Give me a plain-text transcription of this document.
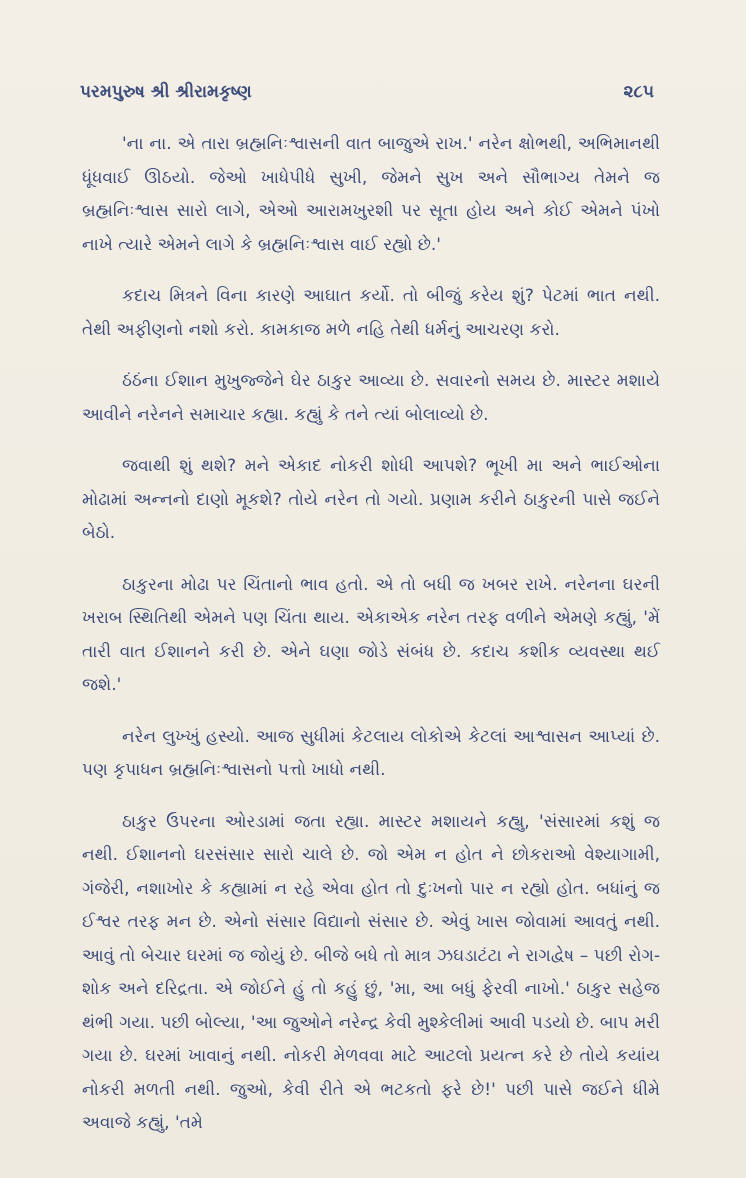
પરમપુરુષ શ્રી શ્રીરામકૃષ્ણ	૨૮૫

'ના ના. એ તારા બ્રહ્મનિઃશ્વાસની વાત બાજુએ રાખ.' નરેન ક્ષોભથી, અભિમાનથી ધૂંધવાઈ ઊઠયો. જેઓ ખાધેપીધે સુખી, જેમને સુખ અને સૌભાગ્ય તેમને જ બ્રહ્મનિઃશ્વાસ સારો લાગે, એઓ આરામખુરશી પર સૂતા હોય અને કોઈ એમને પંખો નાખે ત્યારે એમને લાગે કે બ્રહ્મનિઃશ્વાસ વાઈ રહ્યો છે.'

કદાચ મિત્રને વિના કારણે આઘાત કર્યો. તો બીજું કરેય શું? પેટમાં ભાત નથી. તેથી અફીણનો નશો કરો. કામકાજ મળે નહિ તેથી ધર્મનું આચરણ કરો.

ઠંઠંના ઈશાન મુખુજ્જેને ઘેર ઠાકુર આવ્યા છે. સવારનો સમય છે. માસ્ટર મશાયે આવીને નરેનને સમાચાર કહ્યા. કહ્યું કે તને ત્યાં બોલાવ્યો છે.

જવાથી શું થશે? મને એકાદ નોકરી શોધી આપશે? ભૂખી મા અને ભાઈઓના મોઢામાં અન્નનો દાણો મૂકશે? તોયે નરેન તો ગયો. પ્રણામ કરીને ઠાકુરની પાસે જઈને બેઠો.

ઠાકુરના મોઢા પર ચિંતાનો ભાવ હતો. એ તો બધી જ ખબર રાખે. નરેનના ઘરની ખરાબ સ્થિતિથી એમને પણ ચિંતા થાય. એકાએક નરેન તરફ વળીને એમણે કહ્યું, 'મેં તારી વાત ઈશાનને કરી છે. એને ઘણા જોડે સંબંધ છે. કદાચ કશીક વ્યવસ્થા થઈ જશે.'

નરેન લુખ્ખું હસ્યો. આજ સુધીમાં કેટલાય લોકોએ કેટલાં આશ્વાસન આપ્યાં છે. પણ કૃપાધન બ્રહ્મનિઃશ્વાસનો પત્તો ખાધો નથી.

ઠાકુર ઉપરના ઓરડામાં જતા રહ્યા. માસ્ટર મશાયને કહ્યુ, 'સંસારમાં કશું જ નથી. ઈશાનનો ઘરસંસાર સારો ચાલે છે. જો એમ ન હોત ને છોકરાઓ વેશ્યાગામી, ગંજેરી, નશાખોર કે કહ્યામાં ન રહે એવા હોત તો દુઃખનો પાર ન રહ્યો હોત. બધાંનું જ ઈશ્વર તરફ મન છે. એનો સંસાર વિદ્યાનો સંસાર છે. એવું ખાસ જોવામાં આવતું નથી. આવું તો બેચાર ઘરમાં જ જોયું છે. બીજે બધે તો માત્ર ઝઘડાટંટા ને રાગદ્વેષ – પછી રોગ-શોક અને દરિદ્રતા. એ જોઈને હું તો કહું છું, 'મા, આ બધું ફેરવી નાખો.' ઠાકુર સહેજ થંભી ગયા. પછી બોલ્યા, 'આ જુઓને નરેન્દ્ર કેવી મુશ્કેલીમાં આવી પડયો છે. બાપ મરી ગયા છે. ઘરમાં ખાવાનું નથી. નોકરી મેળવવા માટે આટલો પ્રયત્ન કરે છે તોયે કયાંય નોકરી મળતી નથી. જુઓ, કેવી રીતે એ ભટકતો ફરે છે!' પછી પાસે જઈને ધીમે અવાજે કહ્યું, 'તમે
